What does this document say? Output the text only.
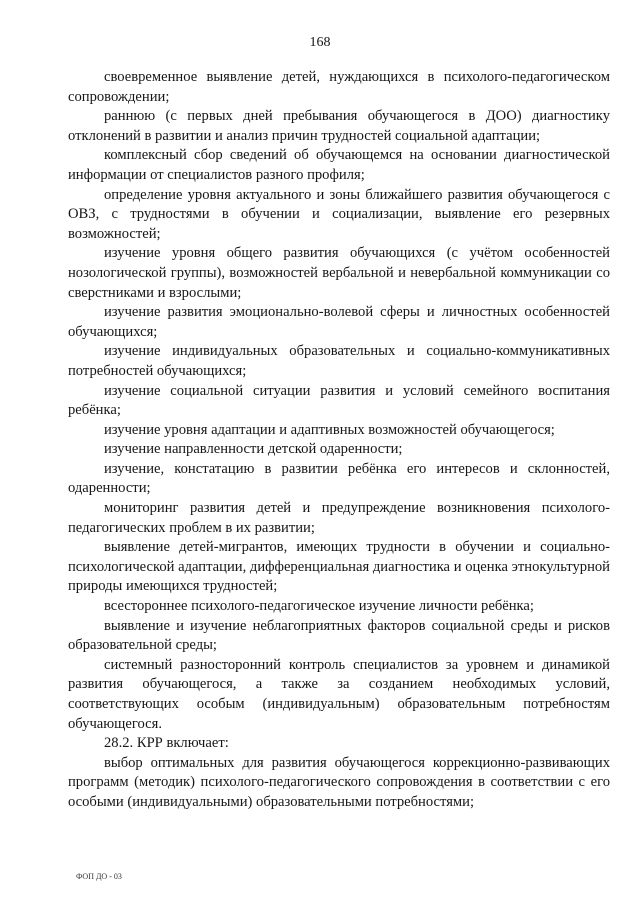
168

своевременное выявление детей, нуждающихся в психолого-педагогическом сопровождении;

раннюю (с первых дней пребывания обучающегося в ДОО) диагностику отклонений в развитии и анализ причин трудностей социальной адаптации;

комплексный сбор сведений об обучающемся на основании диагностической информации от специалистов разного профиля;

определение уровня актуального и зоны ближайшего развития обучающегося с ОВЗ, с трудностями в обучении и социализации, выявление его резервных возможностей;

изучение уровня общего развития обучающихся (с учётом особенностей нозологической группы), возможностей вербальной и невербальной коммуникации со сверстниками и взрослыми;

изучение развития эмоционально-волевой сферы и личностных особенностей обучающихся;

изучение индивидуальных образовательных и социально-коммуникативных потребностей обучающихся;

изучение социальной ситуации развития и условий семейного воспитания ребёнка;

изучение уровня адаптации и адаптивных возможностей обучающегося;

изучение направленности детской одаренности;

изучение, констатацию в развитии ребёнка его интересов и склонностей, одаренности;

мониторинг развития детей и предупреждение возникновения психолого-педагогических проблем в их развитии;

выявление детей-мигрантов, имеющих трудности в обучении и социально-психологической адаптации, дифференциальная диагностика и оценка этнокультурной природы имеющихся трудностей;

всестороннее психолого-педагогическое изучение личности ребёнка;

выявление и изучение неблагоприятных факторов социальной среды и рисков образовательной среды;

системный разносторонний контроль специалистов за уровнем и динамикой развития обучающегося, а также за созданием необходимых условий, соответствующих особым (индивидуальным) образовательным потребностям обучающегося.

28.2. КРР включает:

выбор оптимальных для развития обучающегося коррекционно-развивающих программ (методик) психолого-педагогического сопровождения в соответствии с его особыми (индивидуальными) образовательными потребностями;

ФОП ДО - 03
